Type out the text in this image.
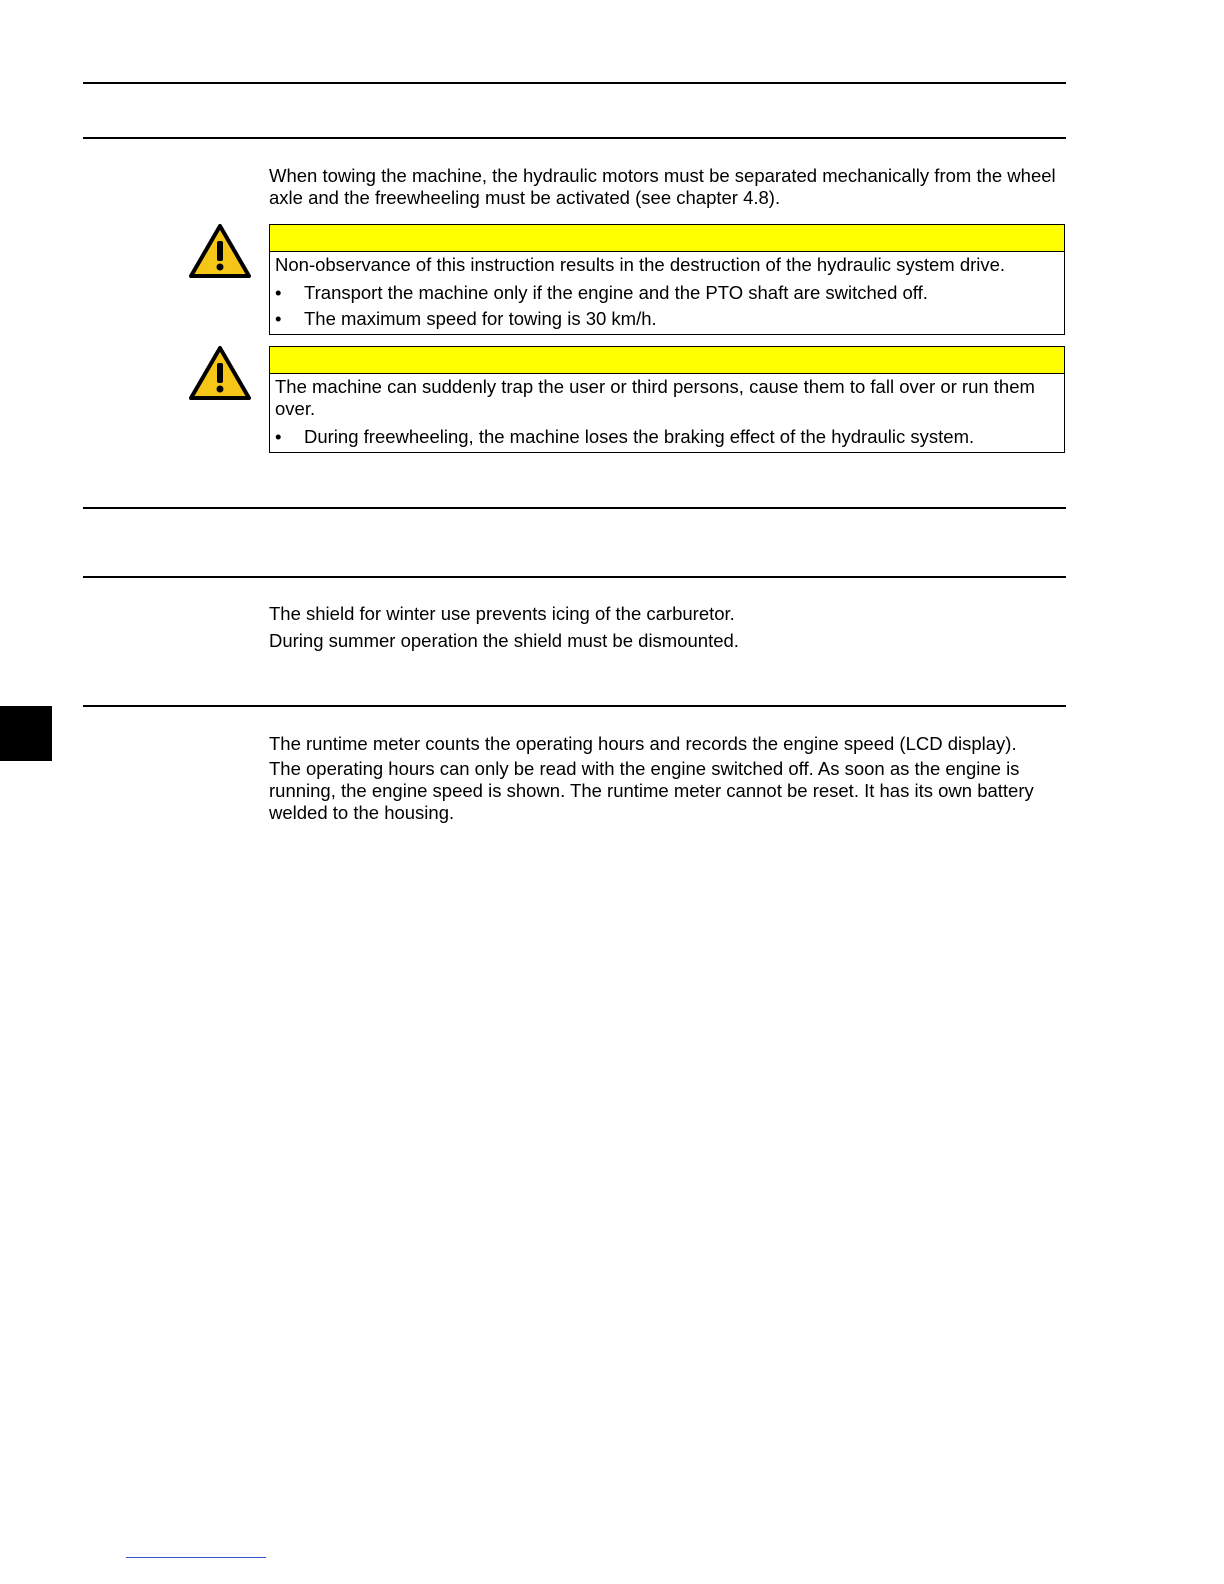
When towing the machine, the hydraulic motors must be separated mechanically from the wheel axle and the freewheeling must be activated (see chapter 4.8).

Non-observance of this instruction results in the destruction of the hydraulic system drive.

•	Transport the machine only if the engine and the PTO shaft are switched off.
•	The maximum speed for towing is 30 km/h.

The machine can suddenly trap the user or third persons, cause them to fall over or run them over.

•	During freewheeling, the machine loses the braking effect of the hydraulic system.

The shield for winter use prevents icing of the carburetor.

During summer operation the shield must be dismounted.

The runtime meter counts the operating hours and records the engine speed (LCD display).

The operating hours can only be read with the engine switched off. As soon as the engine is running, the engine speed is shown. The runtime meter cannot be reset. It has its own battery welded to the housing.
